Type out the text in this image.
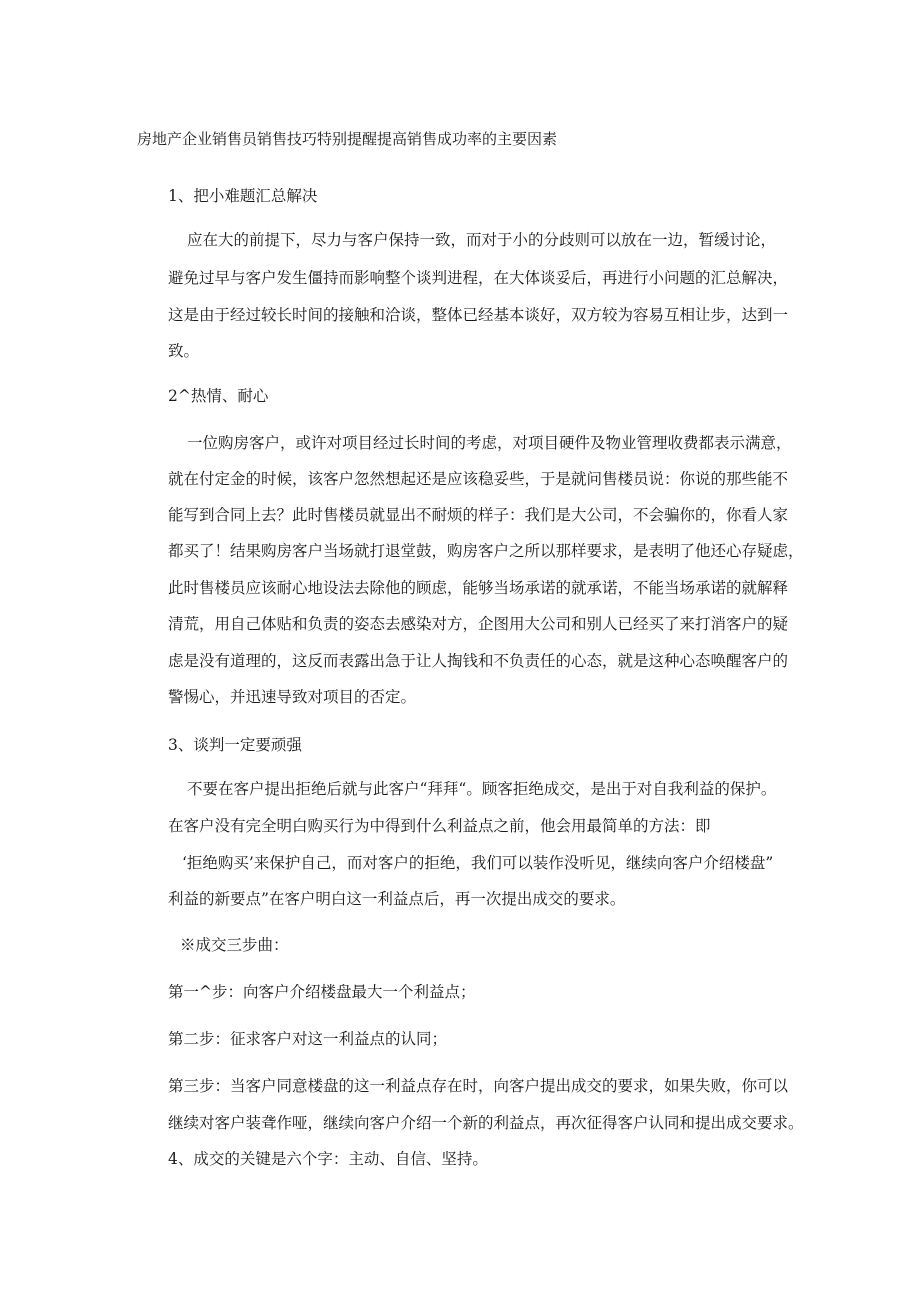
房地产企业销售员销售技巧特别提醒提高销售成功率的主要因素

1、把小难题汇总解决

应在大的前提下，尽力与客户保持一致，而对于小的分歧则可以放在一边，暂缓讨论，

避免过早与客户发生僵持而影响整个谈判进程，在大体谈妥后，再进行小问题的汇总解决，

这是由于经过较长时间的接触和洽谈，整体已经基本谈好，双方较为容易互相让步，达到一

致。

2^热情、耐心

一位购房客户，或许对项目经过长时间的考虑，对项目硬件及物业管理收费都表示满意，

就在付定金的时候，该客户忽然想起还是应该稳妥些，于是就问售楼员说：你说的那些能不

能写到合同上去？此时售楼员就显出不耐烦的样子：我们是大公司，不会骗你的，你看人家

都买了！结果购房客户当场就打退堂鼓，购房客户之所以那样要求，是表明了他还心存疑虑，

此时售楼员应该耐心地设法去除他的顾虑，能够当场承诺的就承诺，不能当场承诺的就解释

清荒，用自己体贴和负责的姿态去感染对方，企图用大公司和别人已经买了来打消客户的疑

虑是没有道理的，这反而表露出急于让人掏钱和不负责任的心态，就是这种心态唤醒客户的

警惕心，并迅速导致对项目的否定。

3、谈判一定要顽强

不要在客户提出拒绝后就与此客户“拜拜“。顾客拒绝成交，是出于对自我利益的保护。

在客户没有完全明白购买行为中得到什么利益点之前，他会用最简单的方法：即

‘拒绝购买’来保护自己，而对客户的拒绝，我们可以装作没听见，继续向客户介绍楼盘”

利益的新要点”在客户明白这一利益点后，再一次提出成交的要求。

※成交三步曲：

第一^步：向客户介绍楼盘最大一个利益点；

第二步：征求客户对这一利益点的认同；

第三步：当客户同意楼盘的这一利益点存在时，向客户提出成交的要求，如果失败，你可以

继续对客户装聋作哑，继续向客户介绍一个新的利益点，再次征得客户认同和提出成交要求。

4、成交的关键是六个字：主动、自信、坚持。
